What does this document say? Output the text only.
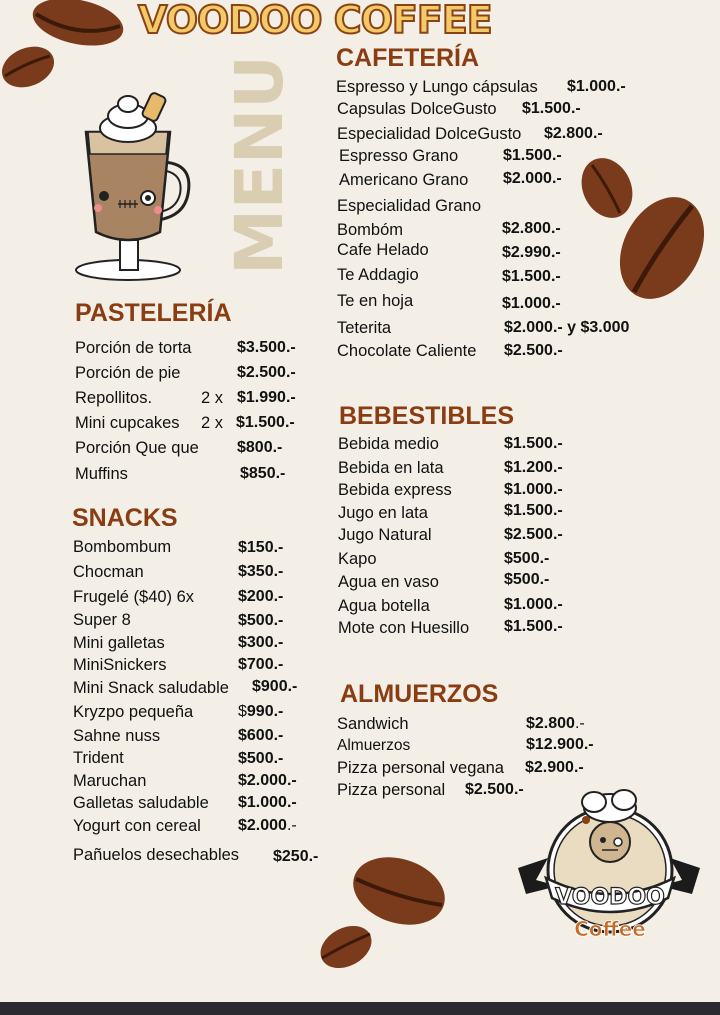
VOODOO COFFEE
MENU CAFETERÍA
Espresso y Lungo cápsulas $1.000.-
Capsulas DolceGusto $1.500.-
Especialidad DolceGusto $2.800.-
Espresso Grano	$1.500.-
Americano Grano $2.000.-
Especialidad Grano
Bombóm	$2.800.-
Cafe Helado	$2.990.-
Te Addagio	$1.500.-
Te en hoja	$1.000.-
Teterita	$2.000.- y $3.000
Chocolate Caliente $2.500.-
PASTELERÍA
Porción de torta	$3.500.-
Porción de pie	$2.500.-
Repollitos.	2 x $1.990.-
Mini cupcakes 2 x $1.500.-
Porción Que que $800.-
Muffins	$850.-
SNACKS
Bombombum	$150.-
Chocman	$350.-
Frugelé ($40) 6x	$200.-
Super 8	$500.-
Mini galletas	$300.-
MiniSnickers	$700.-
Mini Snack saludable $900.-
Kryzpo pequeña	$990.-
Sahne nuss	$600.-
Trident	$500.-
Maruchan	$2.000.-
Galletas saludable $1.000.-
Yogurt con cereal $2.000.-
Pañuelos desechables $250.-
BEBESTIBLES
Bebida medio	$1.500.-
Bebida en lata	$1.200.-
Bebida express	$1.000.-
Jugo en lata	$1.500.-
Jugo Natural	$2.500.-
Kapo	$500.-
Agua en vaso	$500.-
Agua botella	$1.000.-
Mote con Huesillo $1.500.-
ALMUERZOS
Sandwich	$2.800.-
Almuerzos	$12.900.-
Pizza personal vegana $2.900.-
Pizza personal $2.500.-
VOODOO
Coffee
